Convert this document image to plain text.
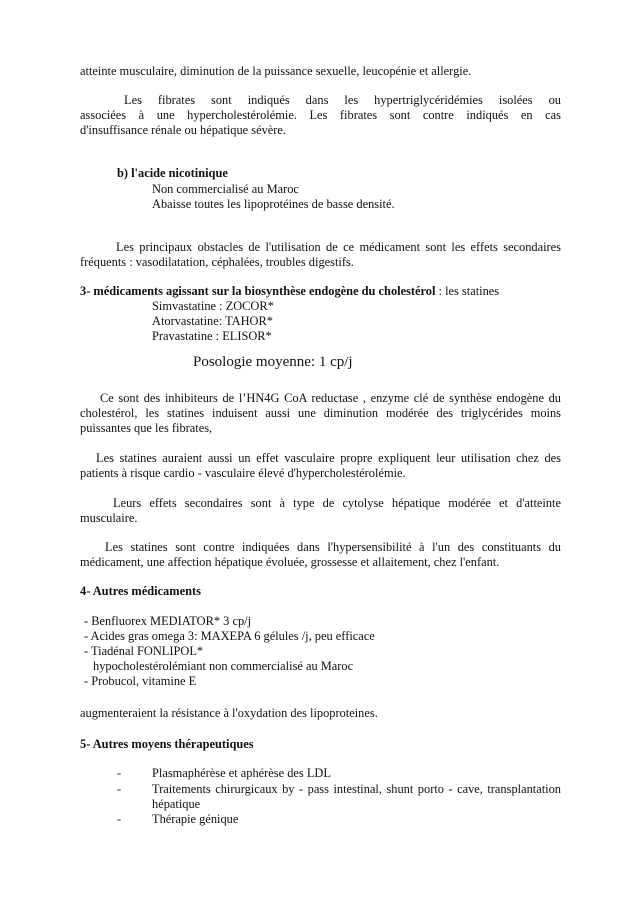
atteinte musculaire, diminution de la puissance sexuelle, leucopénie et allergie.
Les fibrates sont indiqués dans les hypertriglycéridémies isolées ou
associées à une hypercholestérolémie. Les fibrates sont contre indiqués en cas
d'insuffisance rénale ou hépatique sévère.
b) l'acide nicotinique
Non commercialisé au Maroc
Abaisse toutes les lipoprotéines de basse densité.
Les principaux obstacles de l'utilisation de ce médicament sont les effets secondaires
fréquents : vasodilatation, céphalées, troubles digestifs.
3- médicaments agissant sur la biosynthèse endogène du cholestérol : les statines
Simvastatine : ZOCOR*
Atorvastatine: TAHOR*
Pravastatine : ELISOR*
Posologie moyenne: 1 cp/j
Ce sont des inhibiteurs de l’HN4G CoA reductase , enzyme clé de synthèse endogène du
cholestérol, les statines induisent aussi une diminution modérée des triglycérides moins
puissantes que les fibrates,
Les statines auraient aussi un effet vasculaire propre expliquent leur utilisation chez des
patients à risque cardio - vasculaire élevé d'hypercholestérolémie.
Leurs effets secondaires sont à type de cytolyse hépatique modérée et d'atteinte
musculaire.
Les statines sont contre indiquées dans l'hypersensibilité à l'un des constituants du
médicament, une affection hépatique évoluée, grossesse et allaitement, chez l'enfant.
4- Autres médicaments
- Benfluorex MEDIATOR* 3 cp/j
- Acides gras omega 3: MAXEPA 6 gélules /j, peu efficace
- Tiadénal FONLIPOL*
hypocholestérolémiant non commercialisé au Maroc
- Probucol, vitamine E
augmenteraient la résistance à l'oxydation des lipoproteines.
5- Autres moyens thérapeutiques
- Plasmaphérèse et aphérèse des LDL
- Traitements chirurgicaux by - pass intestinal, shunt porto - cave, transplantation
hépatique
- Thérapie génique
